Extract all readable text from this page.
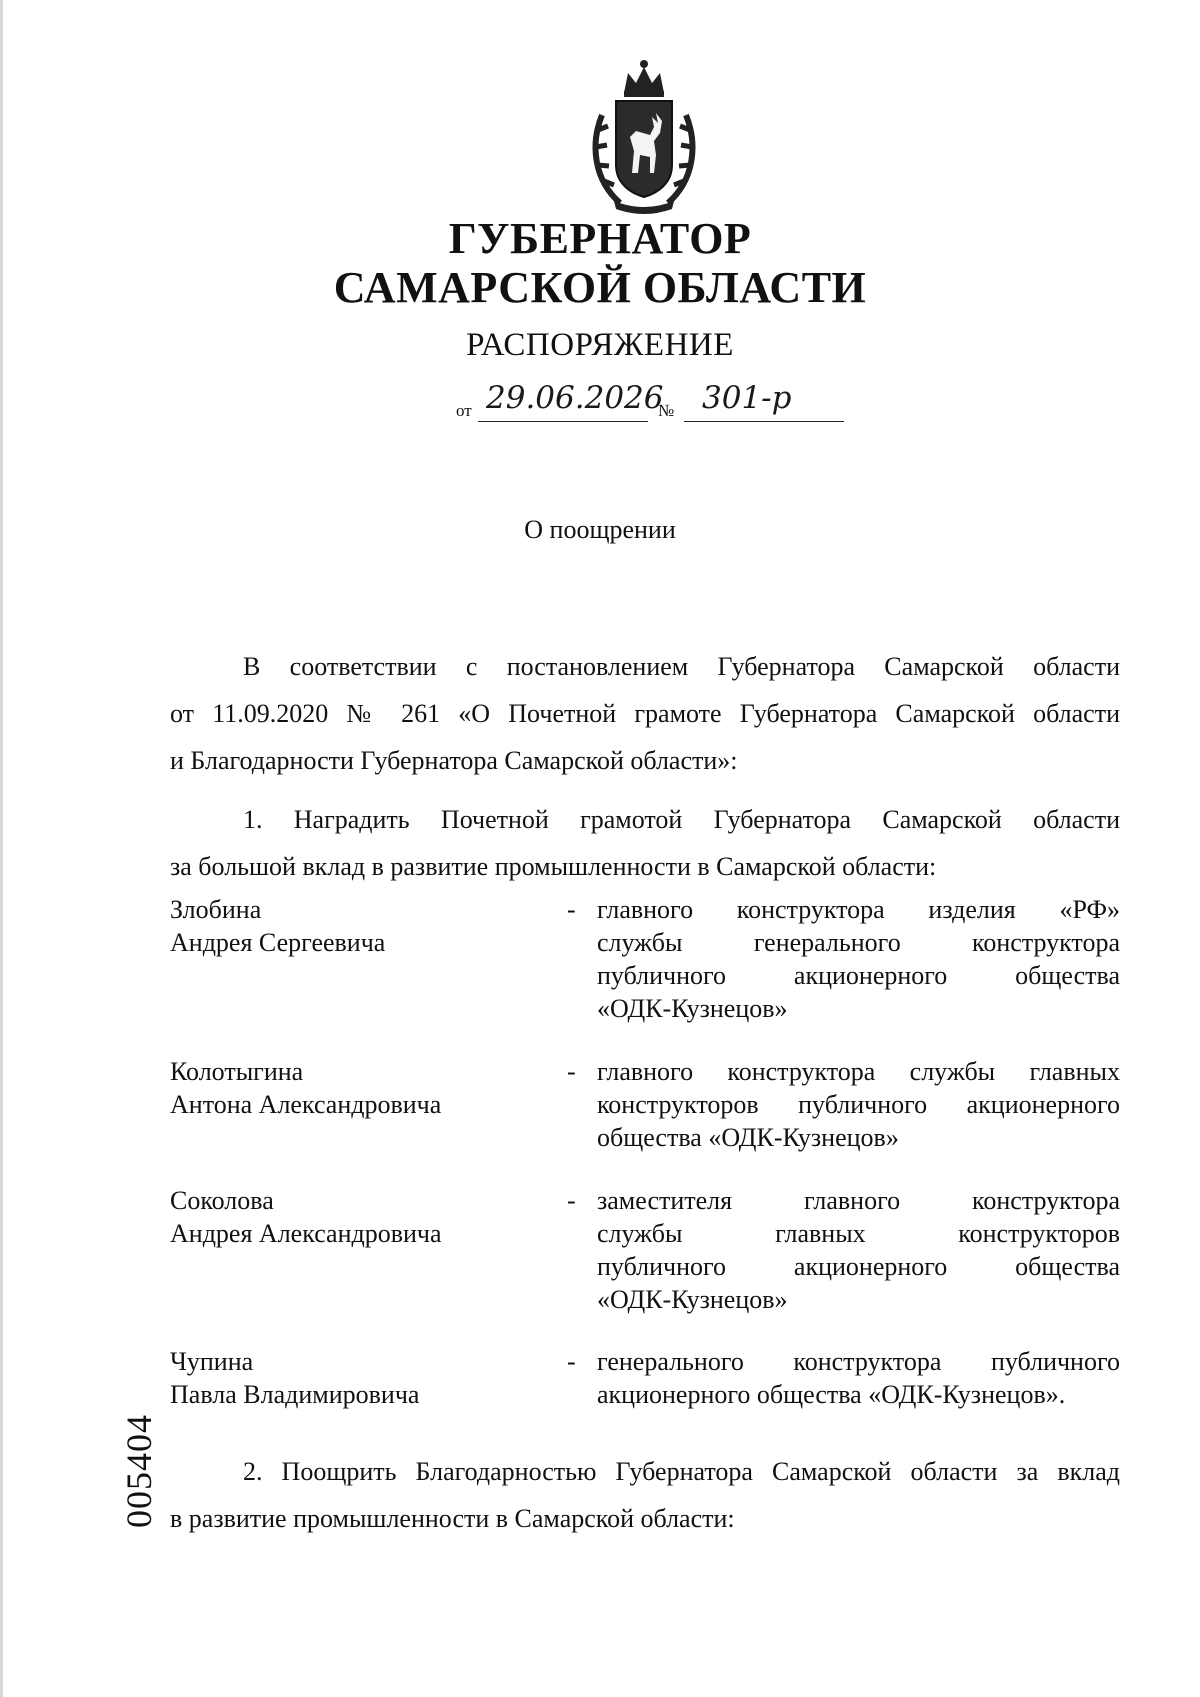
ГУБЕРНАТОР
САМАРСКОЙ ОБЛАСТИ
РАСПОРЯЖЕНИЕ
от 29.06.2026
№ 301-р
О поощрении

В соответствии с постановлением Губернатора Самарской области

от 11.09.2020 № 261 «О Почетной грамоте Губернатора Самарской области

и Благодарности Губернатора Самарской области»:

1. Наградить Почетной грамотой Губернатора Самарской области

за большой вклад в развитие промышленности в Самарской области:

Злобина
Андрея Сергеевича
- главного конструктора изделия «РФ»
службы генерального конструктора
публичного акционерного общества
«ОДК-Кузнецов»
Колотыгина
Антона Александровича
- главного конструктора службы главных
конструкторов публичного акционерного
общества «ОДК-Кузнецов»
Соколова
Андрея Александровича
- заместителя главного конструктора
службы главных конструкторов
публичного акционерного общества
«ОДК-Кузнецов»
Чупина
Павла Владимировича
- генерального конструктора публичного
акционерного общества «ОДК-Кузнецов».

2. Поощрить Благодарностью Губернатора Самарской области за вклад

в развитие промышленности в Самарской области:

005404
